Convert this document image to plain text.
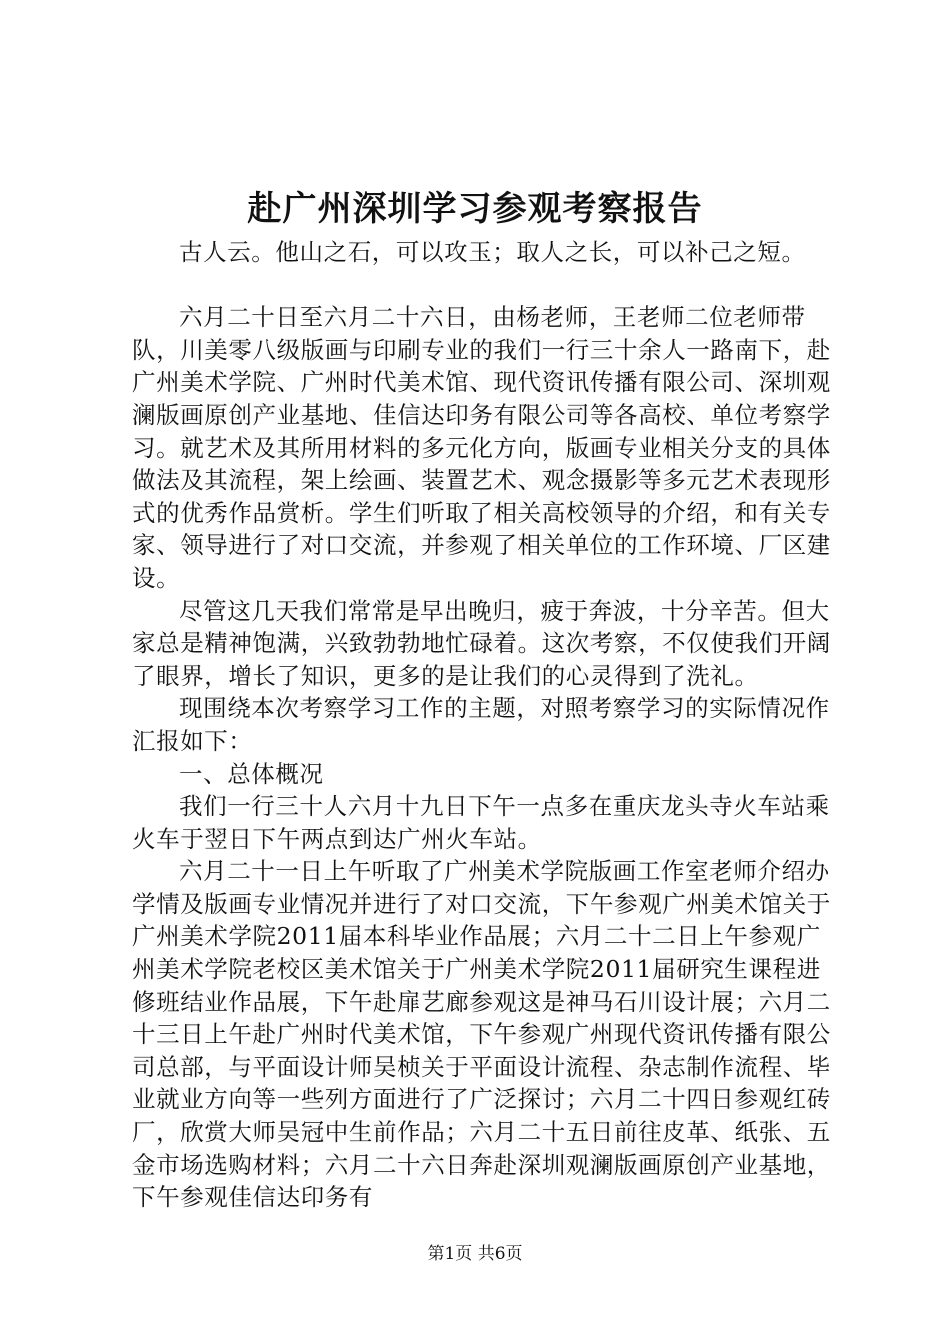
赴广州深圳学习参观考察报告

古人云。他山之石，可以攻玉；取人之长，可以补己之短。

六月二十日至六月二十六日，由杨老师，王老师二位老师带队，川美零八级版画与印刷专业的我们一行三十余人一路南下，赴广州美术学院、广州时代美术馆、现代资讯传播有限公司、深圳观澜版画原创产业基地、佳信达印务有限公司等各高校、单位考察学习。就艺术及其所用材料的多元化方向，版画专业相关分支的具体做法及其流程，架上绘画、装置艺术、观念摄影等多元艺术表现形式的优秀作品赏析。学生们听取了相关高校领导的介绍，和有关专家、领导进行了对口交流，并参观了相关单位的工作环境、厂区建设。

尽管这几天我们常常是早出晚归，疲于奔波，十分辛苦。但大家总是精神饱满，兴致勃勃地忙碌着。这次考察，不仅使我们开阔了眼界，增长了知识，更多的是让我们的心灵得到了洗礼。

现围绕本次考察学习工作的主题，对照考察学习的实际情况作汇报如下：

一、总体概况

我们一行三十人六月十九日下午一点多在重庆龙头寺火车站乘火车于翌日下午两点到达广州火车站。

六月二十一日上午听取了广州美术学院版画工作室老师介绍办学情及版画专业情况并进行了对口交流，下午参观广州美术馆关于广州美术学院2011届本科毕业作品展；六月二十二日上午参观广州美术学院老校区美术馆关于广州美术学院2011届研究生课程进修班结业作品展，下午赴扉艺廊参观这是神马石川设计展；六月二十三日上午赴广州时代美术馆，下午参观广州现代资讯传播有限公司总部，与平面设计师吴桢关于平面设计流程、杂志制作流程、毕业就业方向等一些列方面进行了广泛探讨；六月二十四日参观红砖厂，欣赏大师吴冠中生前作品；六月二十五日前往皮革、纸张、五金市场选购材料；六月二十六日奔赴深圳观澜版画原创产业基地，下午参观佳信达印务有

第1页 共6页
